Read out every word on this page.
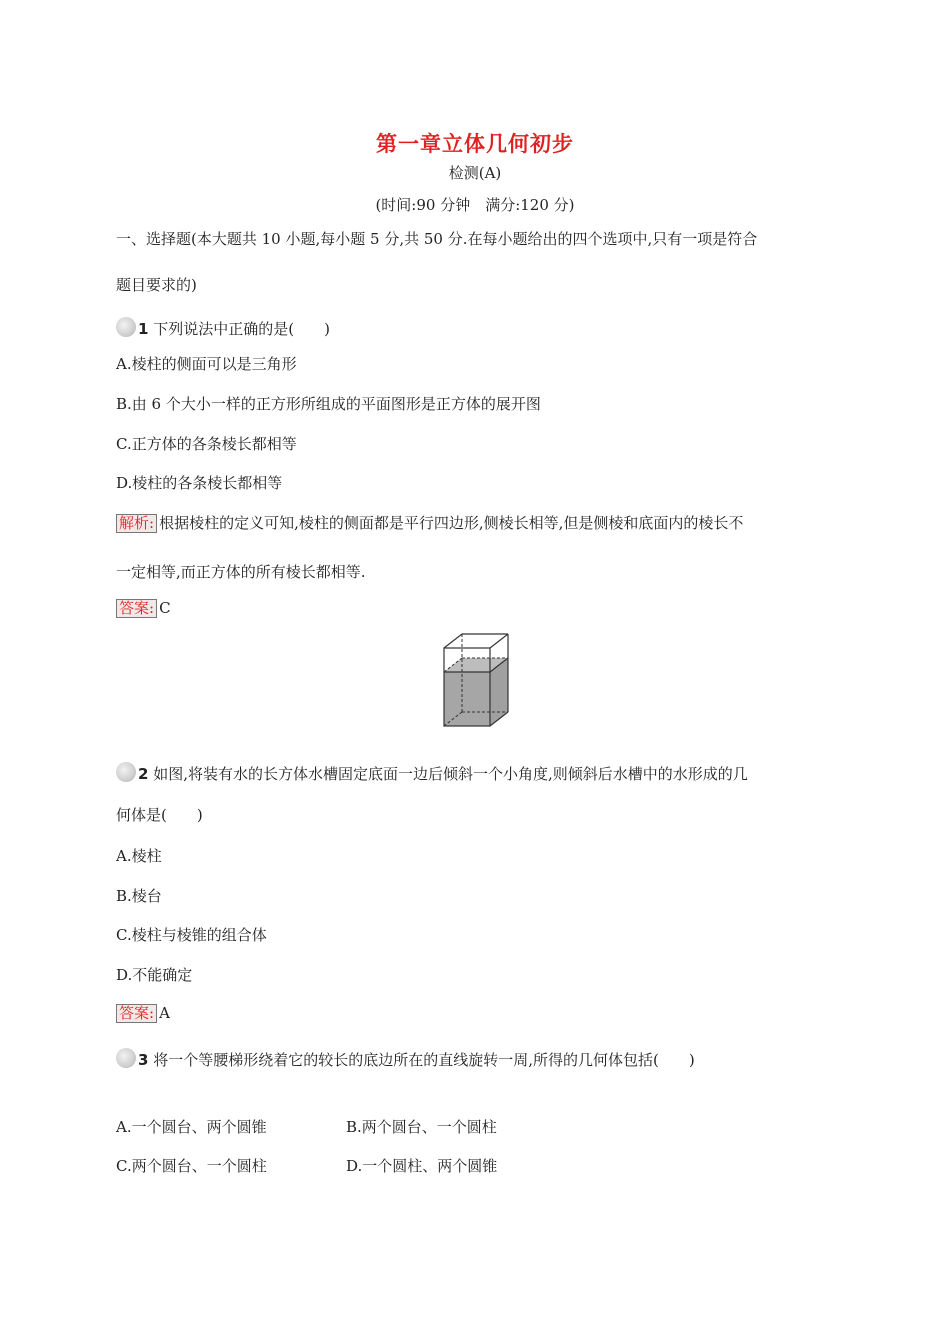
第一章立体几何初步
检测(A)
(时间:90 分钟　满分:120 分)
一、选择题(本大题共 10 小题,每小题 5 分,共 50 分.在每小题给出的四个选项中,只有一项是符合
题目要求的)
1 下列说法中正确的是(　　)
A.棱柱的侧面可以是三角形
B.由 6 个大小一样的正方形所组成的平面图形是正方体的展开图
C.正方体的各条棱长都相等
D.棱柱的各条棱长都相等
解析: 根据棱柱的定义可知,棱柱的侧面都是平行四边形,侧棱长相等,但是侧棱和底面内的棱长不
一定相等,而正方体的所有棱长都相等.
答案: C
2 如图,将装有水的长方体水槽固定底面一边后倾斜一个小角度,则倾斜后水槽中的水形成的几
何体是(　　)
A.棱柱
B.棱台
C.棱柱与棱锥的组合体
D.不能确定
答案: A
3 将一个等腰梯形绕着它的较长的底边所在的直线旋转一周,所得的几何体包括(　　)
A.一个圆台、两个圆锥	B.两个圆台、一个圆柱
C.两个圆台、一个圆柱	D.一个圆柱、两个圆锥
